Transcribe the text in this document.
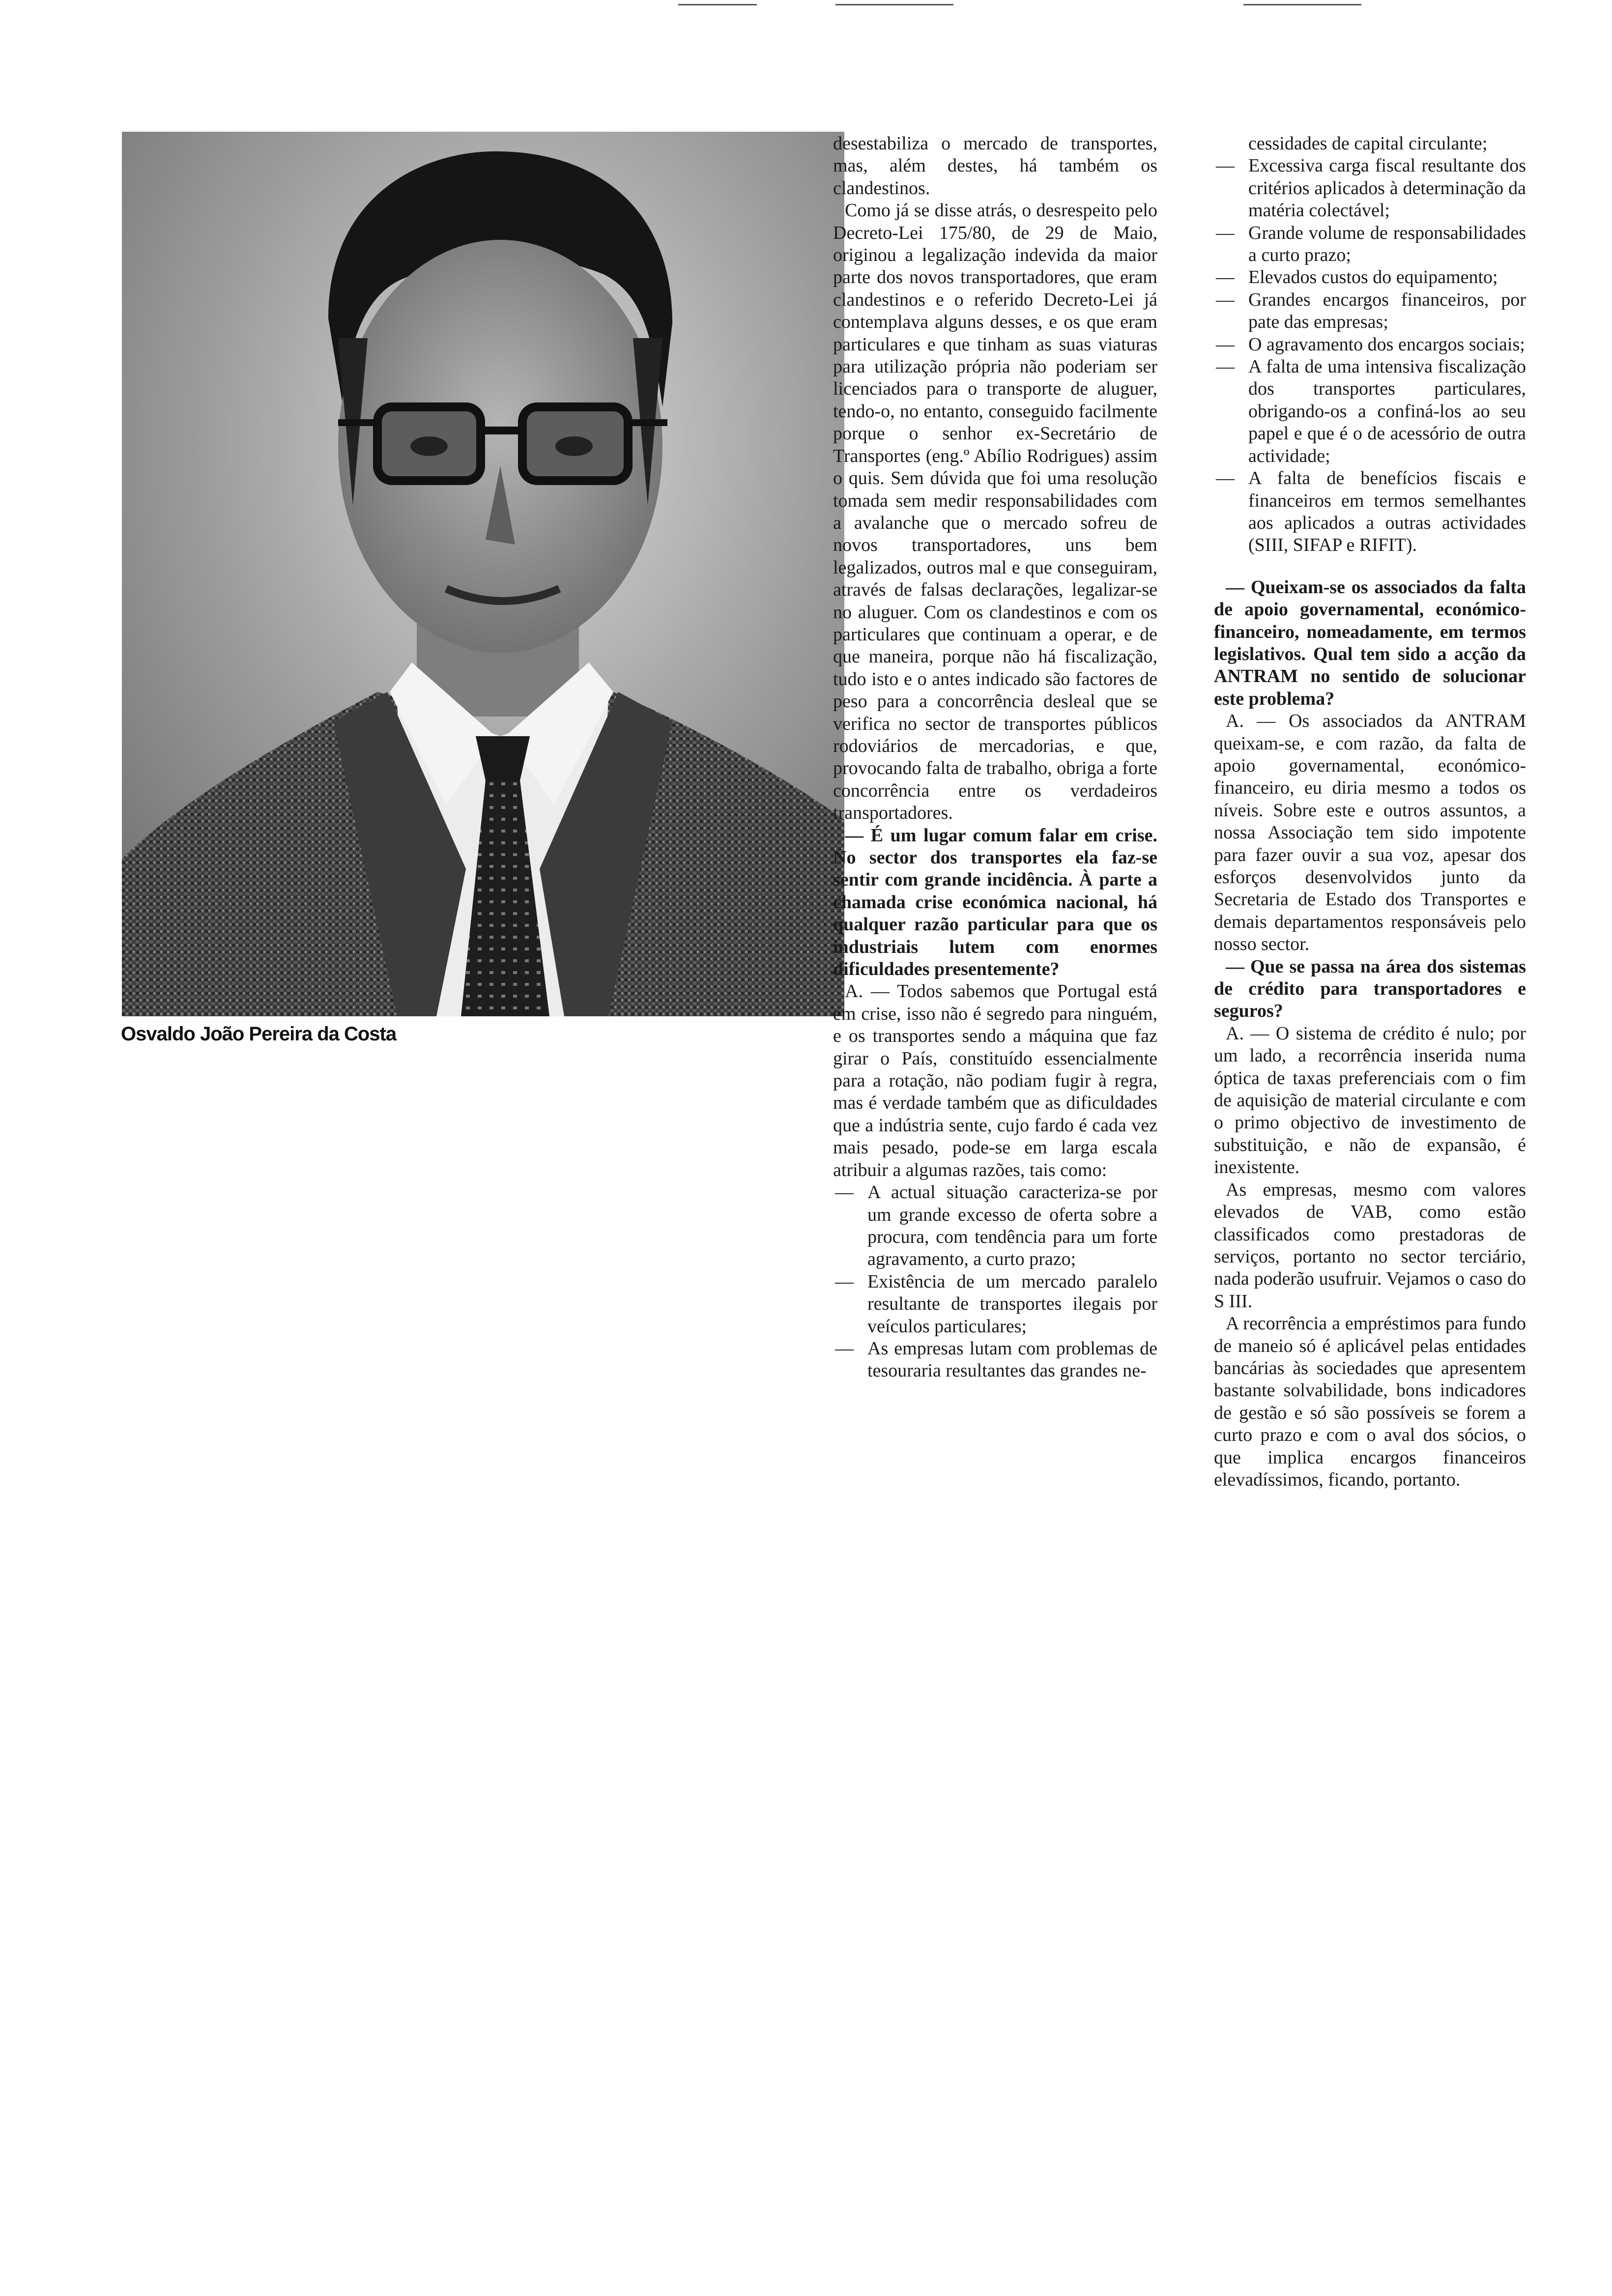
Osvaldo João Pereira da Costa

desestabiliza o mercado de transportes, mas, além destes, há também os clandestinos.

Como já se disse atrás, o desrespeito pelo Decreto-Lei 175/80, de 29 de Maio, originou a legalização indevida da maior parte dos novos transportadores, que eram clandestinos e o referido Decreto-Lei já contemplava alguns desses, e os que eram particulares e que tinham as suas viaturas para utilização própria não poderiam ser licenciados para o transporte de aluguer, tendo-o, no entanto, conseguido facilmente porque o senhor ex-Secretário de Transportes (eng.º Abílio Rodrigues) assim o quis. Sem dúvida que foi uma resolução tomada sem medir responsabilidades com a avalanche que o mercado sofreu de novos transportadores, uns bem legalizados, outros mal e que conseguiram, através de falsas declarações, legalizar-se no aluguer. Com os clandestinos e com os particulares que continuam a operar, e de que maneira, porque não há fiscalização, tudo isto e o antes indicado são factores de peso para a concorrência desleal que se verifica no sector de transportes públicos rodoviários de mercadorias, e que, provocando falta de trabalho, obriga a forte concorrência entre os verdadeiros transportadores.

— É um lugar comum falar em crise. No sector dos transportes ela faz-se sentir com grande incidência. À parte a chamada crise económica nacional, há qualquer razão particular para que os industriais lutem com enormes dificuldades presentemente?

A. — Todos sabemos que Portugal está em crise, isso não é segredo para ninguém, e os transportes sendo a máquina que faz girar o País, constituído essencialmente para a rotação, não podiam fugir à regra, mas é verdade também que as dificuldades que a indústria sente, cujo fardo é cada vez mais pesado, pode-se em larga escala atribuir a algumas razões, tais como:

— A actual situação caracteriza-se por um grande excesso de oferta sobre a procura, com tendência para um forte agravamento, a curto prazo;
— Existência de um mercado paralelo resultante de transportes ilegais por veículos particulares;
— As empresas lutam com problemas de tesouraria resultantes das grandes ne-

cessidades de capital circulante;

— Excessiva carga fiscal resultante dos critérios aplicados à determinação da matéria colectável;
— Grande volume de responsabilidades a curto prazo;
— Elevados custos do equipamento;
— Grandes encargos financeiros, por pate das empresas;
— O agravamento dos encargos sociais;
— A falta de uma intensiva fiscalização dos transportes particulares, obrigando-os a confiná-los ao seu papel e que é o de acessório de outra actividade;
— A falta de benefícios fiscais e financeiros em termos semelhantes aos aplicados a outras actividades (SIII, SIFAP e RIFIT).

— Queixam-se os associados da falta de apoio governamental, económico-financeiro, nomeadamente, em termos legislativos. Qual tem sido a acção da ANTRAM no sentido de solucionar este problema?

A. — Os associados da ANTRAM queixam-se, e com razão, da falta de apoio governamental, económico-financeiro, eu diria mesmo a todos os níveis. Sobre este e outros assuntos, a nossa Associação tem sido impotente para fazer ouvir a sua voz, apesar dos esforços desenvolvidos junto da Secretaria de Estado dos Transportes e demais departamentos responsáveis pelo nosso sector.

— Que se passa na área dos sistemas de crédito para transportadores e seguros?

A. — O sistema de crédito é nulo; por um lado, a recorrência inserida numa óptica de taxas preferenciais com o fim de aquisição de material circulante e com o primo objectivo de investimento de substituição, e não de expansão, é inexistente.

As empresas, mesmo com valores elevados de VAB, como estão classificados como prestadoras de serviços, portanto no sector terciário, nada poderão usufruir. Vejamos o caso do S III.

A recorrência a empréstimos para fundo de maneio só é aplicável pelas entidades bancárias às sociedades que apresentem bastante solvabilidade, bons indicadores de gestão e só são possíveis se forem a curto prazo e com o aval dos sócios, o que implica encargos financeiros elevadíssimos, ficando, portanto.
